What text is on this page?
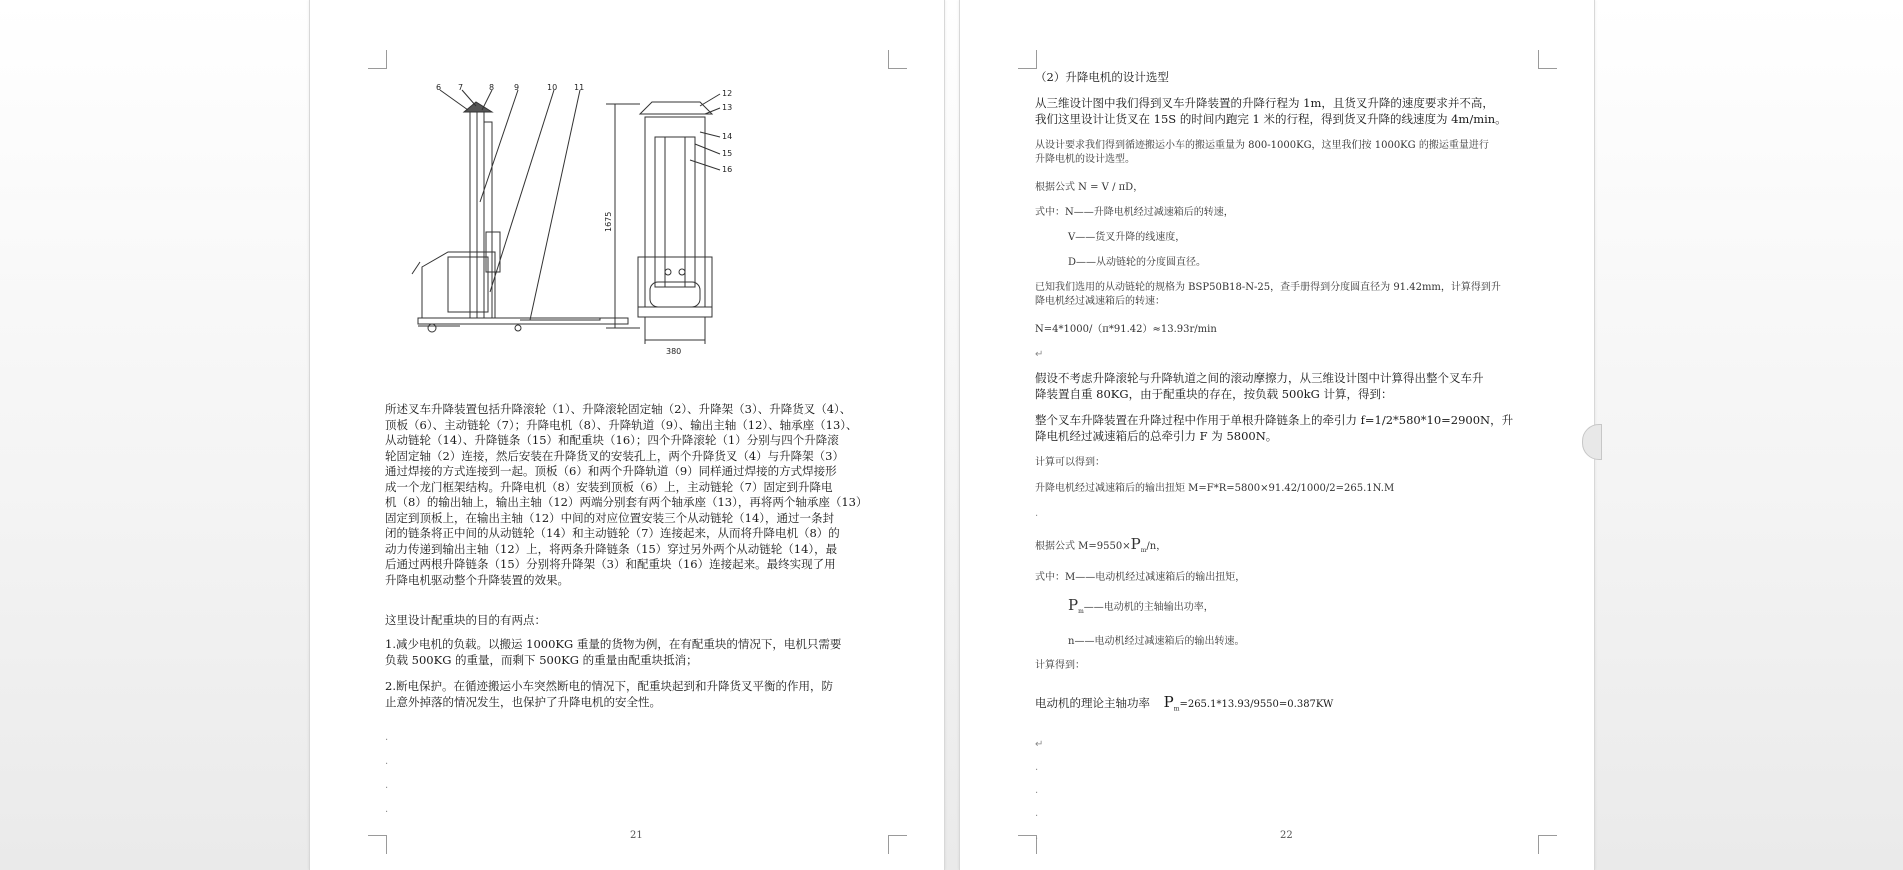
6 7	8 9	10 11
12
13
14
15
16
1675
380
所述叉车升降装置包括升降滚轮（1）、升降滚轮固定轴（2）、升降架（3）、升降货叉（4）、
顶板（6）、主动链轮（7）；升降电机（8）、升降轨道（9）、输出主轴（12）、轴承座（13）、
从动链轮（14）、升降链条（15）和配重块（16）；四个升降滚轮（1）分别与四个升降滚
轮固定轴（2）连接，然后安装在升降货叉的安装孔上，两个升降货叉（4）与升降架（3）
通过焊接的方式连接到一起。顶板（6）和两个升降轨道（9）同样通过焊接的方式焊接形
成一个龙门框架结构。升降电机（8）安装到顶板（6）上，主动链轮（7）固定到升降电
机（8）的输出轴上，输出主轴（12）两端分别套有两个轴承座（13），再将两个轴承座（13）
固定到顶板上，在输出主轴（12）中间的对应位置安装三个从动链轮（14），通过一条封
闭的链条将正中间的从动链轮（14）和主动链轮（7）连接起来，从而将升降电机（8）的
动力传递到输出主轴（12）上，将两条升降链条（15）穿过另外两个从动链轮（14），最
后通过两根升降链条（15）分别将升降架（3）和配重块（16）连接起来。最终实现了用
升降电机驱动整个升降装置的效果。
这里设计配重块的目的有两点：
1.减少电机的负载。以搬运 1000KG 重量的货物为例，在有配重块的情况下，电机只需要
负载 500KG 的重量，而剩下 500KG 的重量由配重块抵消；
2.断电保护。在循迹搬运小车突然断电的情况下，配重块起到和升降货叉平衡的作用，防
止意外掉落的情况发生，也保护了升降电机的安全性。
.
.
.
.
21
（2）升降电机的设计选型
从三维设计图中我们得到叉车升降装置的升降行程为 1m，且货叉升降的速度要求并不高，
我们这里设计让货叉在 15S 的时间内跑完 1 米的行程，得到货叉升降的线速度为 4m/min。
从设计要求我们得到循迹搬运小车的搬运重量为 800-1000KG，这里我们按 1000KG 的搬运重量进行
升降电机的设计选型。
根据公式 N = V / πD，
式中：N——升降电机经过减速箱后的转速，
V——货叉升降的线速度，
D——从动链轮的分度圆直径。
已知我们选用的从动链轮的规格为 BSP50B18-N-25，查手册得到分度圆直径为 91.42mm，计算得到升
降电机经过减速箱后的转速：
N=4*1000/（π*91.42）≈13.93r/min
↵
假设不考虑升降滚轮与升降轨道之间的滚动摩擦力，从三维设计图中计算得出整个叉车升
降装置自重 80KG，由于配重块的存在，按负载 500kG 计算，得到：
整个叉车升降装置在升降过程中作用于单根升降链条上的牵引力 f=1/2*580*10=2900N，升
降电机经过减速箱后的总牵引力 F 为 5800N。
计算可以得到：
升降电机经过减速箱后的输出扭矩 M=F*R=5800×91.42/1000/2=265.1N.M
.
根据公式 $M=9550\times P_m/n$，
式中：M——电动机经过减速箱后的输出扭矩，
$P_m——$电动机的主轴输出功率，
n——电动机经过减速箱后的输出转速。
计算得到：
电动机的理论主轴功率 $P_m=265.1*13.93/9550=0.387KW$
↵
.
.
.
.	22
